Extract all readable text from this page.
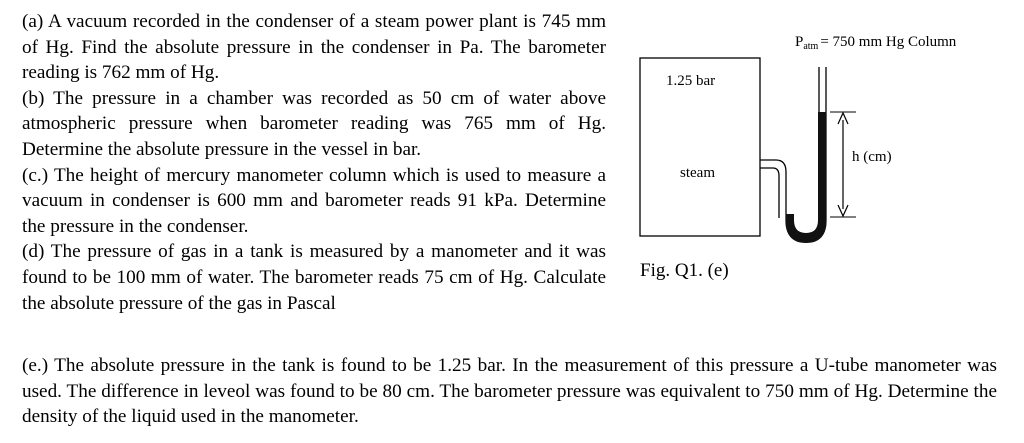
(a) A vacuum recorded in the condenser of a steam power plant is 745 mm of Hg. Find the absolute pressure in the condenser in Pa. The barometer reading is 762 mm of Hg.

(b) The pressure in a chamber was recorded as 50 cm of water above atmospheric pressure when barometer reading was 765 mm of Hg. Determine the absolute pressure in the vessel in bar.

(c.) The height of mercury manometer column which is used to measure a vacuum in condenser is 600 mm and barometer reads 91 kPa. Determine the pressure in the condenser.

(d) The pressure of gas in a tank is measured by a manometer and it was found to be 100 mm of water. The barometer reads 75 cm of Hg. Calculate the absolute pressure of the gas in Pascal

(e.) The absolute pressure in the tank is found to be 1.25 bar. In the measurement of this pressure a U-tube manometer was used. The difference in leveol was found to be 80 cm. The barometer pressure was equivalent to 750 mm of Hg. Determine the density of the liquid used in the manometer.

$P_{atm} = 750$ mm Hg Column
1.25 bar
steam
h (cm)
Fig. Q1. (e)
